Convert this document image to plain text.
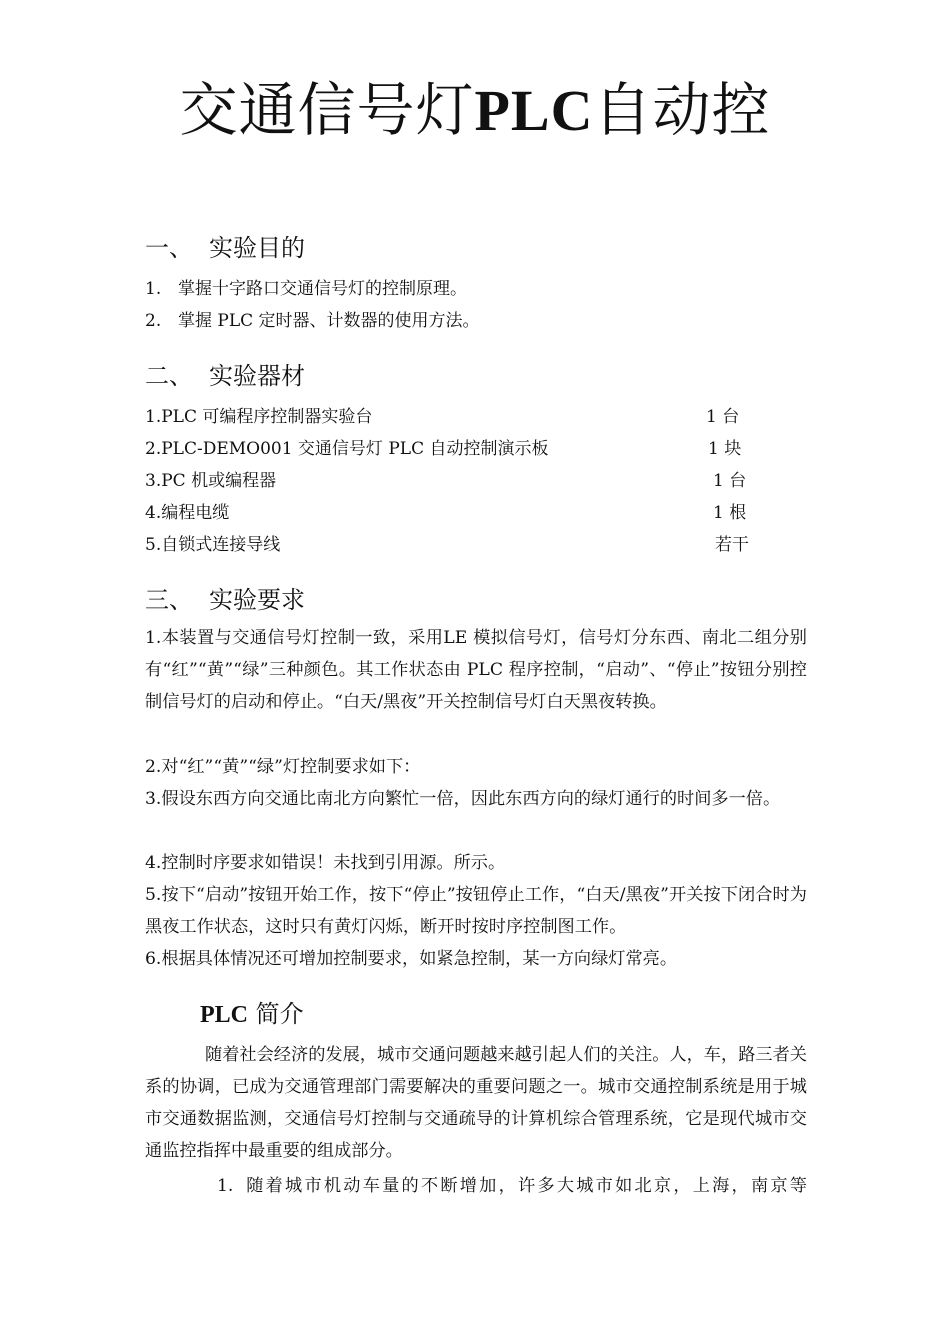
交通信号灯PLC自动控
一、 实验目的
1. 掌握十字路口交通信号灯的控制原理。
2. 掌握 PLC 定时器、计数器的使用方法。
二、 实验器材
1.PLC 可编程序控制器实验台	1 台
2.PLC-DEMO001 交通信号灯 PLC 自动控制演示板	1 块
3.PC 机或编程器	1 台
4.编程电缆	1 根
5.自锁式连接导线	若干
三、 实验要求

1.本装置与交通信号灯控制一致，采用LE 模拟信号灯，信号灯分东西、南北二组分别有“红”“黄”“绿”三种颜色。其工作状态由 PLC 程序控制，“启动”、“停止”按钮分别控制信号灯的启动和停止。“白天/黑夜”开关控制信号灯白天黑夜转换。

2.对“红”“黄”“绿”灯控制要求如下：

3.假设东西方向交通比南北方向繁忙一倍，因此东西方向的绿灯通行的时间多一倍。

4.控制时序要求如错误！未找到引用源。所示。

5.按下“启动”按钮开始工作，按下“停止”按钮停止工作，“白天/黑夜”开关按下闭合时为黑夜工作状态，这时只有黄灯闪烁，断开时按时序控制图工作。

6.根据具体情况还可增加控制要求，如紧急控制，某一方向绿灯常亮。

PLC 简介

随着社会经济的发展，城市交通问题越来越引起人们的关注。人，车，路三者关系的协调，已成为交通管理部门需要解决的重要问题之一。城市交通控制系统是用于城市交通数据监测，交通信号灯控制与交通疏导的计算机综合管理系统，它是现代城市交通监控指挥中最重要的组成部分。

1. 随着城市机动车量的不断增加，许多大城市如北京，上海，南京等
